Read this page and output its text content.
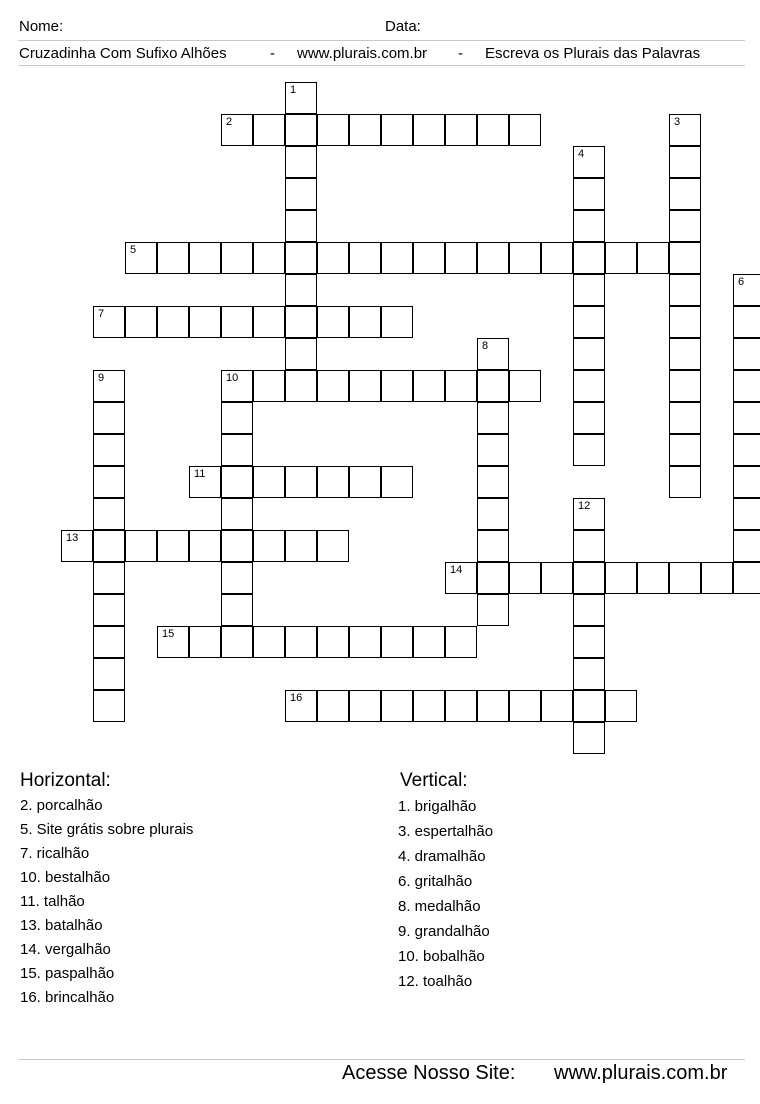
Nome:	Data:
Cruzadinha Com Sufixo Alhões	- www.plurais.com.br - Escreva os Plurais das Palavras
1
2	3
4
5
6
7
8
9	10
11
12
13
14
15
16
Horizontal:	Vertical:
2. porcalhão
5. Site grátis sobre plurais
7. ricalhão
10. bestalhão
11. talhão
13. batalhão
14. vergalhão
15. paspalhão
16. brincalhão
1. brigalhão
3. espertalhão
4. dramalhão
6. gritalhão
8. medalhão
9. grandalhão
10. bobalhão
12. toalhão
Acesse Nosso Site: www.plurais.com.br
